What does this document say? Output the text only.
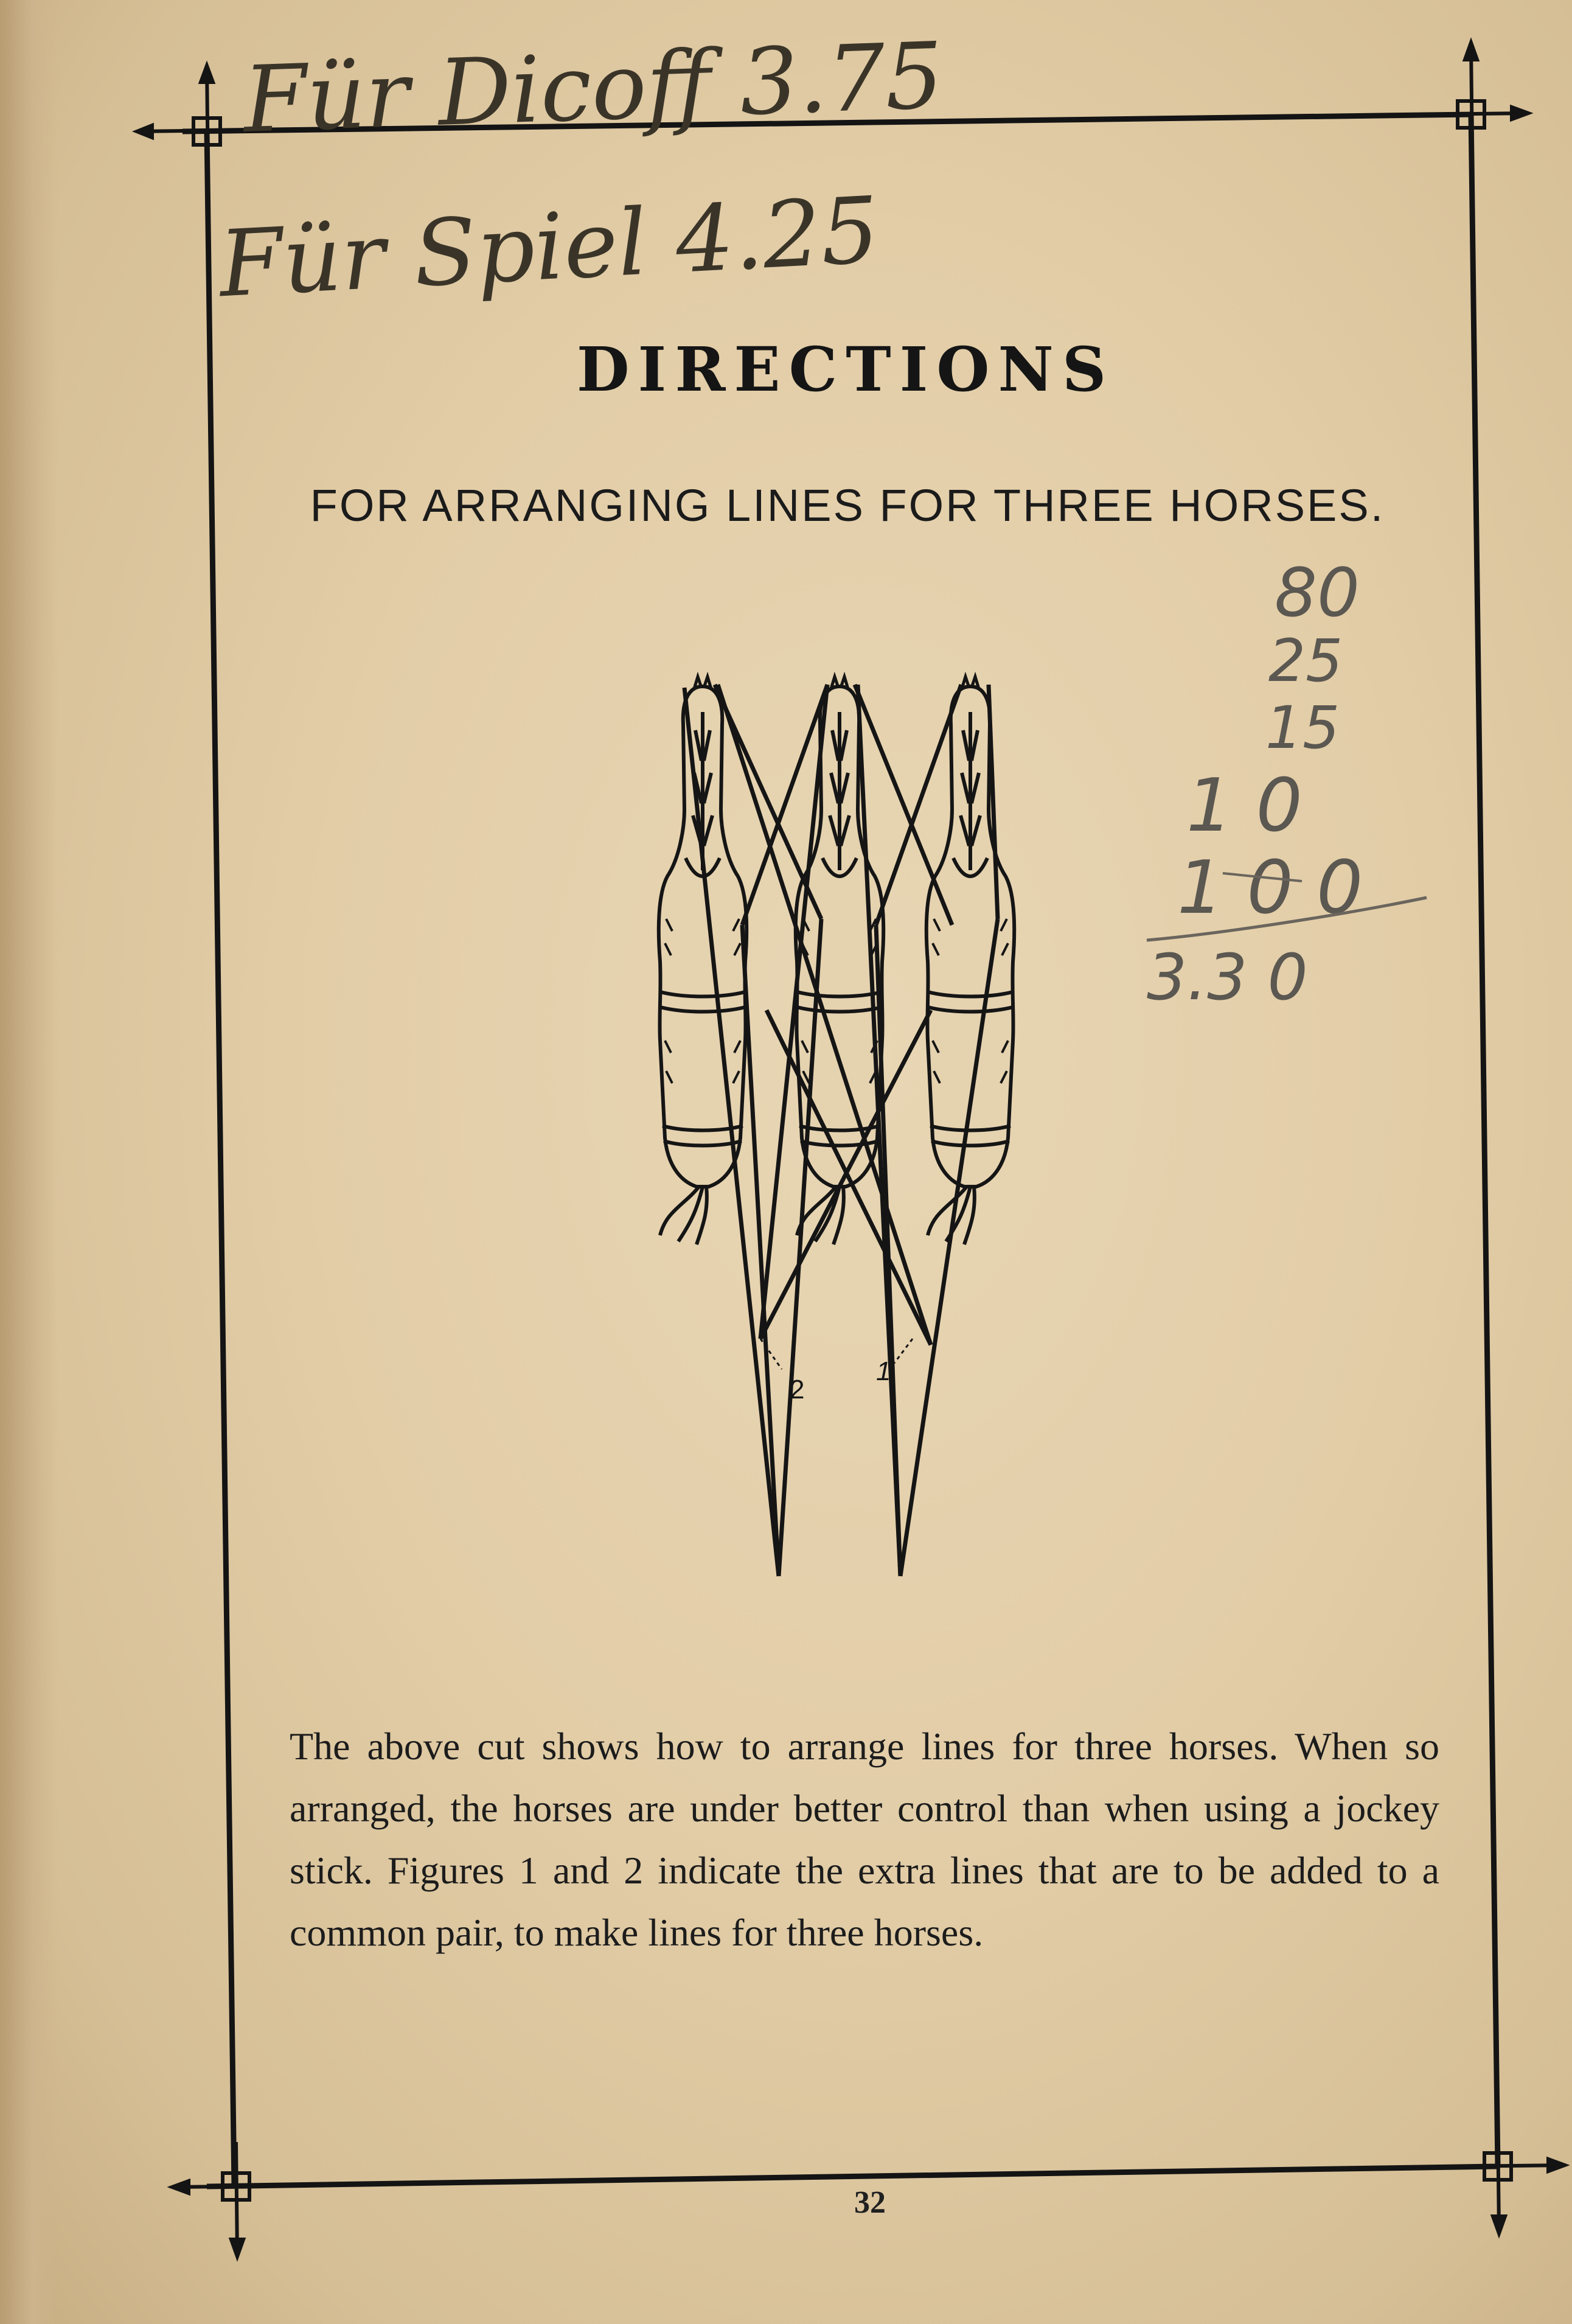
Für Dicoff 3.75
Für Spiel 4.25
80
25
15
1 0
1 0 0
3.3 0
DIRECTIONS
FOR ARRANGING LINES FOR THREE HORSES.
2
1

The above cut shows how to arrange lines for three horses. When so arranged, the horses are under better control than when using a jockey stick. Figures 1 and 2 indicate the extra lines that are to be added to a common pair, to make lines for three horses.

32
